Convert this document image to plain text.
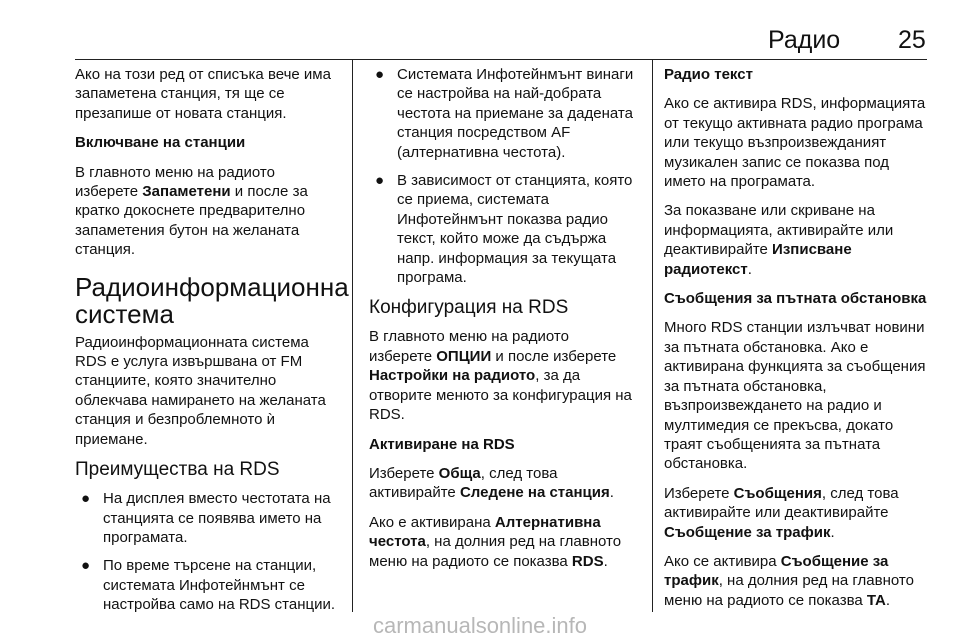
Радио 25

Ако на този ред от списъка вече има запаметена станция, тя ще се презапише от новата станция.

Включване на станции

В главното меню на радиото изберете Запаметени и после за кратко докоснете предварително запаметения бутон на желаната станция.

Радиоинформационна система

Радиоинформационната система RDS е услуга извършвана от FM станциите, която значително облекчава намирането на желаната станция и безпроблемното ѝ приемане.

Преимущества на RDS
● На дисплея вместо честотата на станцията се появява името на програмата.
● По време търсене на станции, системата Инфотейнмънт се настройва само на RDS станции.
● Системата Инфотейнмънт винаги се настройва на най-добрата честота на приемане за дадената станция посредством AF (алтернативна честота).
● В зависимост от станцията, която се приема, системата Инфотейнмънт показва радио текст, който може да съдържа напр. информация за текущата програма.
Конфигурация на RDS

В главното меню на радиото изберете ОПЦИИ и после изберете Настройки на радиото, за да отворите менюто за конфигурация на RDS.

Активиране на RDS

Изберете Обща, след това активирайте Следене на станция.

Ако е активирана Алтернативна честота, на долния ред на главното меню на радиото се показва RDS.

Радио текст

Ако се активира RDS, информацията от текущо активната радио програма или текущо възпроизвежданият музикален запис се показва под името на програмата.

За показване или скриване на информацията, активирайте или деактивирайте Изписване радиотекст.

Съобщения за пътната обстановка

Много RDS станции излъчват новини за пътната обстановка. Ако е активирана функцията за съобщения за пътната обстановка, възпроизвеждането на радио и мултимедия се прекъсва, докато траят съобщенията за пътната обстановка.

Изберете Съобщения, след това активирайте или деактивирайте Съобщение за трафик.

Ако се активира Съобщение за трафик, на долния ред на главното меню на радиото се показва TA.

carmanualsonline.info
